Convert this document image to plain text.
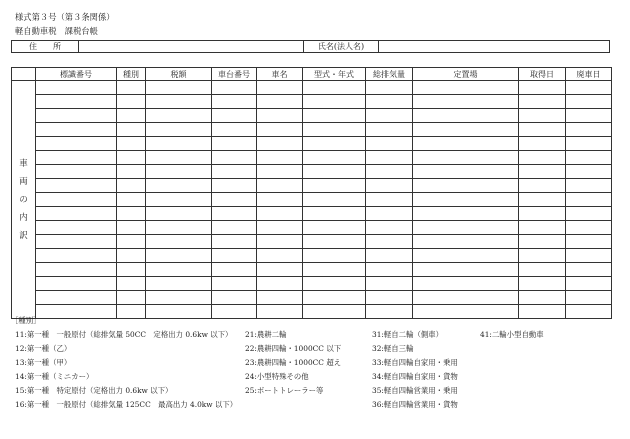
様式第３号（第３条関係）
軽自動車税　課税台帳
住　　所		氏名(法人名)	
	標識番号	種別	税額	車台番号	車名	型式・年式	総排気量	定置場	取得日	廃車日

車
両
の
内
訳										

［種別］
11:第一種　一般原付（総排気量 50CC　定格出力 0.6kw 以下）
12:第一種（乙）
13:第一種（甲）
14:第一種（ミニカー）
15:第一種　特定原付（定格出力 0.6kw 以下）
16:第一種　一般原付（総排気量 125CC　最高出力 4.0kw 以下）
21:農耕二輪
22:農耕四輪・1000CC 以下
23:農耕四輪・1000CC 超え
24:小型特殊その他
25:ボートトレーラー等
31:軽自二輪（側車）
32:軽自三輪
33:軽自四輪自家用・乗用
34:軽自四輪自家用・貨物
35:軽自四輪営業用・乗用
36:軽自四輪営業用・貨物
41:二輪小型自動車
